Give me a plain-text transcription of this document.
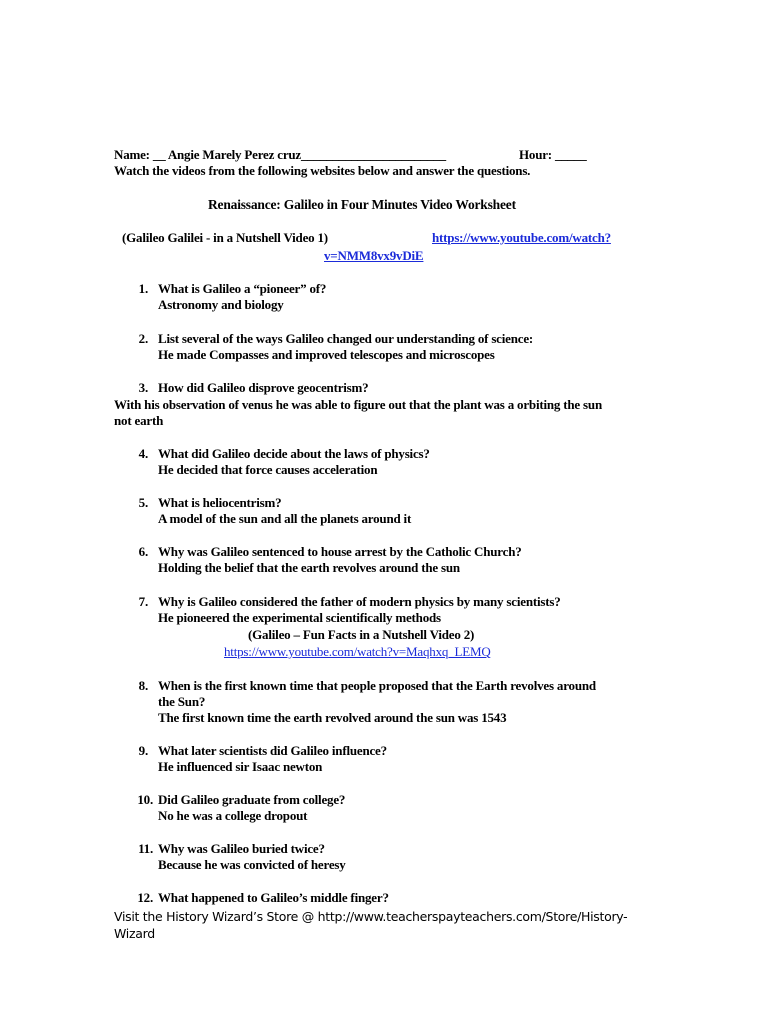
Name: __ Angie Marely Perez cruz_______________________	Hour: _____
Watch the videos from the following websites below and answer the questions.
Renaissance: Galileo in Four Minutes Video Worksheet
(Galileo Galilei - in a Nutshell Video 1)	https://www.youtube.com/watch?
v=NMM8vx9vDiE
1. What is Galileo a “pioneer” of?
Astronomy and biology
2. List several of the ways Galileo changed our understanding of science:
He made Compasses and improved telescopes and microscopes
3. How did Galileo disprove geocentrism?
With his observation of venus he was able to figure out that the plant was a orbiting the sun
not earth
4. What did Galileo decide about the laws of physics?
He decided that force causes acceleration
5. What is heliocentrism?
A model of the sun and all the planets around it
6. Why was Galileo sentenced to house arrest by the Catholic Church?
Holding the belief that the earth revolves around the sun
7. Why is Galileo considered the father of modern physics by many scientists?
He pioneered the experimental scientifically methods
(Galileo – Fun Facts in a Nutshell Video 2)
https://www.youtube.com/watch?v=Maqhxq_LEMQ
8. When is the first known time that people proposed that the Earth revolves around
the Sun?
The first known time the earth revolved around the sun was 1543
9. What later scientists did Galileo influence?
He influenced sir Isaac newton
10. Did Galileo graduate from college?
No he was a college dropout
11. Why was Galileo buried twice?
Because he was convicted of heresy
12. What happened to Galileo’s middle finger?
Visit the History Wizard’s Store @ http://www.teacherspayteachers.com/Store/History-
Wizard
